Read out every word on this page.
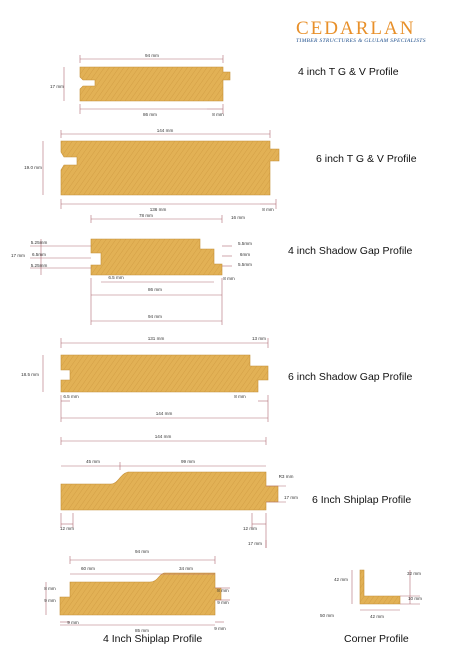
CEDARLAN
TIMBER STRUCTURES & GLULAM SPECIALISTS
4 inch T G & V Profile
6 inch T G & V Profile
4 inch Shadow Gap Profile
6 inch Shadow Gap Profile
6 Inch Shiplap Profile
4 Inch Shiplap Profile	Corner Profile
94 mm
17 mm
86 mm	8 mm
144 mm
19.0 mm
136 mm	8 mm
78 mm	16 mm
17 mm
5.25mm
6.5mm
5.25mm
5.5mm
6mm
5.5mm
6.5 mm
86 mm
8 mm
94 mm
131 mm	13 mm
18.5 mm
6.5 mm	8 mm
144 mm
144 mm
45 mm	99 mm
R3 mm
17 mm
12 mm	12 mm
17 mm
94 mm
60 mm	34 mm
8 mm
9 mm
8 mm
9 mm
9 mm
85 mm	9 mm
42 mm
32 mm
10 mm
50 mm	42 mm
